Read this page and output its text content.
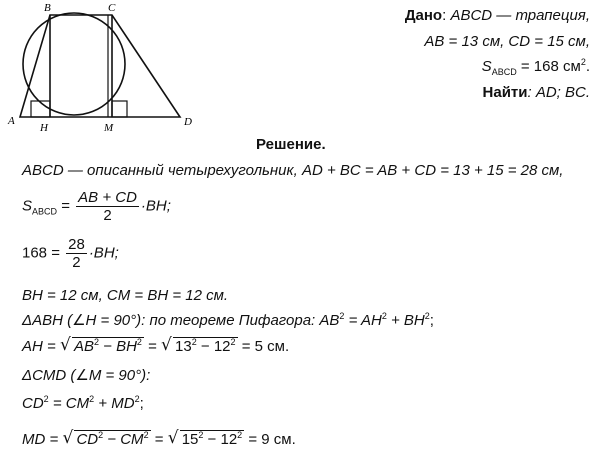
A
B	C
D
H	M
Дано: ABCD — трапеция,
AB = 13 см, CD = 15 см,
$S_{ABCD} = 168$ $см^2$.
Найти: AD; BC.
Решение.
ABCD — описанный четырехугольник, AD + BC = AB + CD = 13 + 15 = 28 см,
$S_{ABCD} = \frac{AB + CD}{2} \cdot BH$;
$168 = \frac{28}{2} \cdot BH$;
BH = 12 см, CM = BH = 12 см.
ΔABH (∠H = 90°): по теореме Пифагора: $AB^2 = AH^2 + BH^2$;
AH = √ $AB^2 - BH^2$ = √ $13^2 - 12^2 = 5$ см.
ΔCMD (∠M = 90°):
$CD^2 = CM^2 + MD^2$;
MD = √ $CD^2 - CM^2$ = √ $15^2 - 12^2 = 9$ см.
